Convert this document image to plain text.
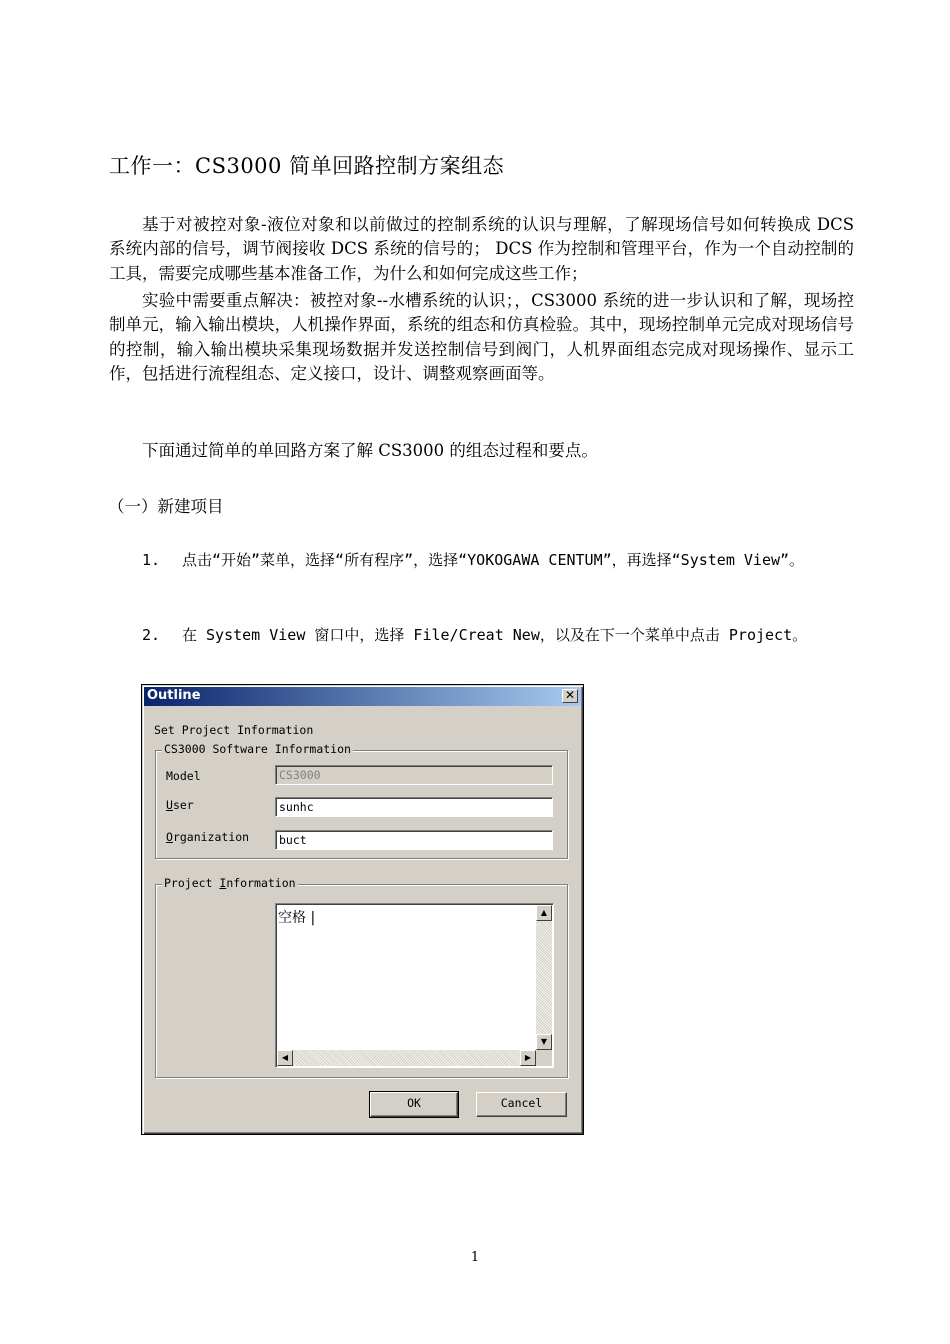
工作一：CS3000 简单回路控制方案组态

基于对被控对象-液位对象和以前做过的控制系统的认识与理解，了解现场信号如何转换成 DCS 系统内部的信号，调节阀接收 DCS 系统的信号的； DCS 作为控制和管理平台，作为一个自动控制的工具，需要完成哪些基本准备工作，为什么和如何完成这些工作；

实验中需要重点解决：被控对象--水槽系统的认识；，CS3000 系统的进一步认识和了解，现场控制单元，输入输出模块，人机操作界面，系统的组态和仿真检验。其中，现场控制单元完成对现场信号的控制，输入输出模块采集现场数据并发送控制信号到阀门，人机界面组态完成对现场操作、显示工作，包括进行流程组态、定义接口，设计、调整观察画面等。

下面通过简单的单回路方案了解 CS3000 的组态过程和要点。

（一）新建项目
1. 点击“开始”菜单，选择“所有程序”，选择“YOKOGAWA CENTUM”，再选择“System View”。
2. 在 System View 窗口中，选择 File/Creat New，以及在下一个菜单中点击 Project。
Outline	✕
Set Project Information
CS3000 Software Information
Model	CS3000
User	sunhc
Organization	buct
Project Information
空格 |	▲
▼
◀	▶
OK	Cancel
1
